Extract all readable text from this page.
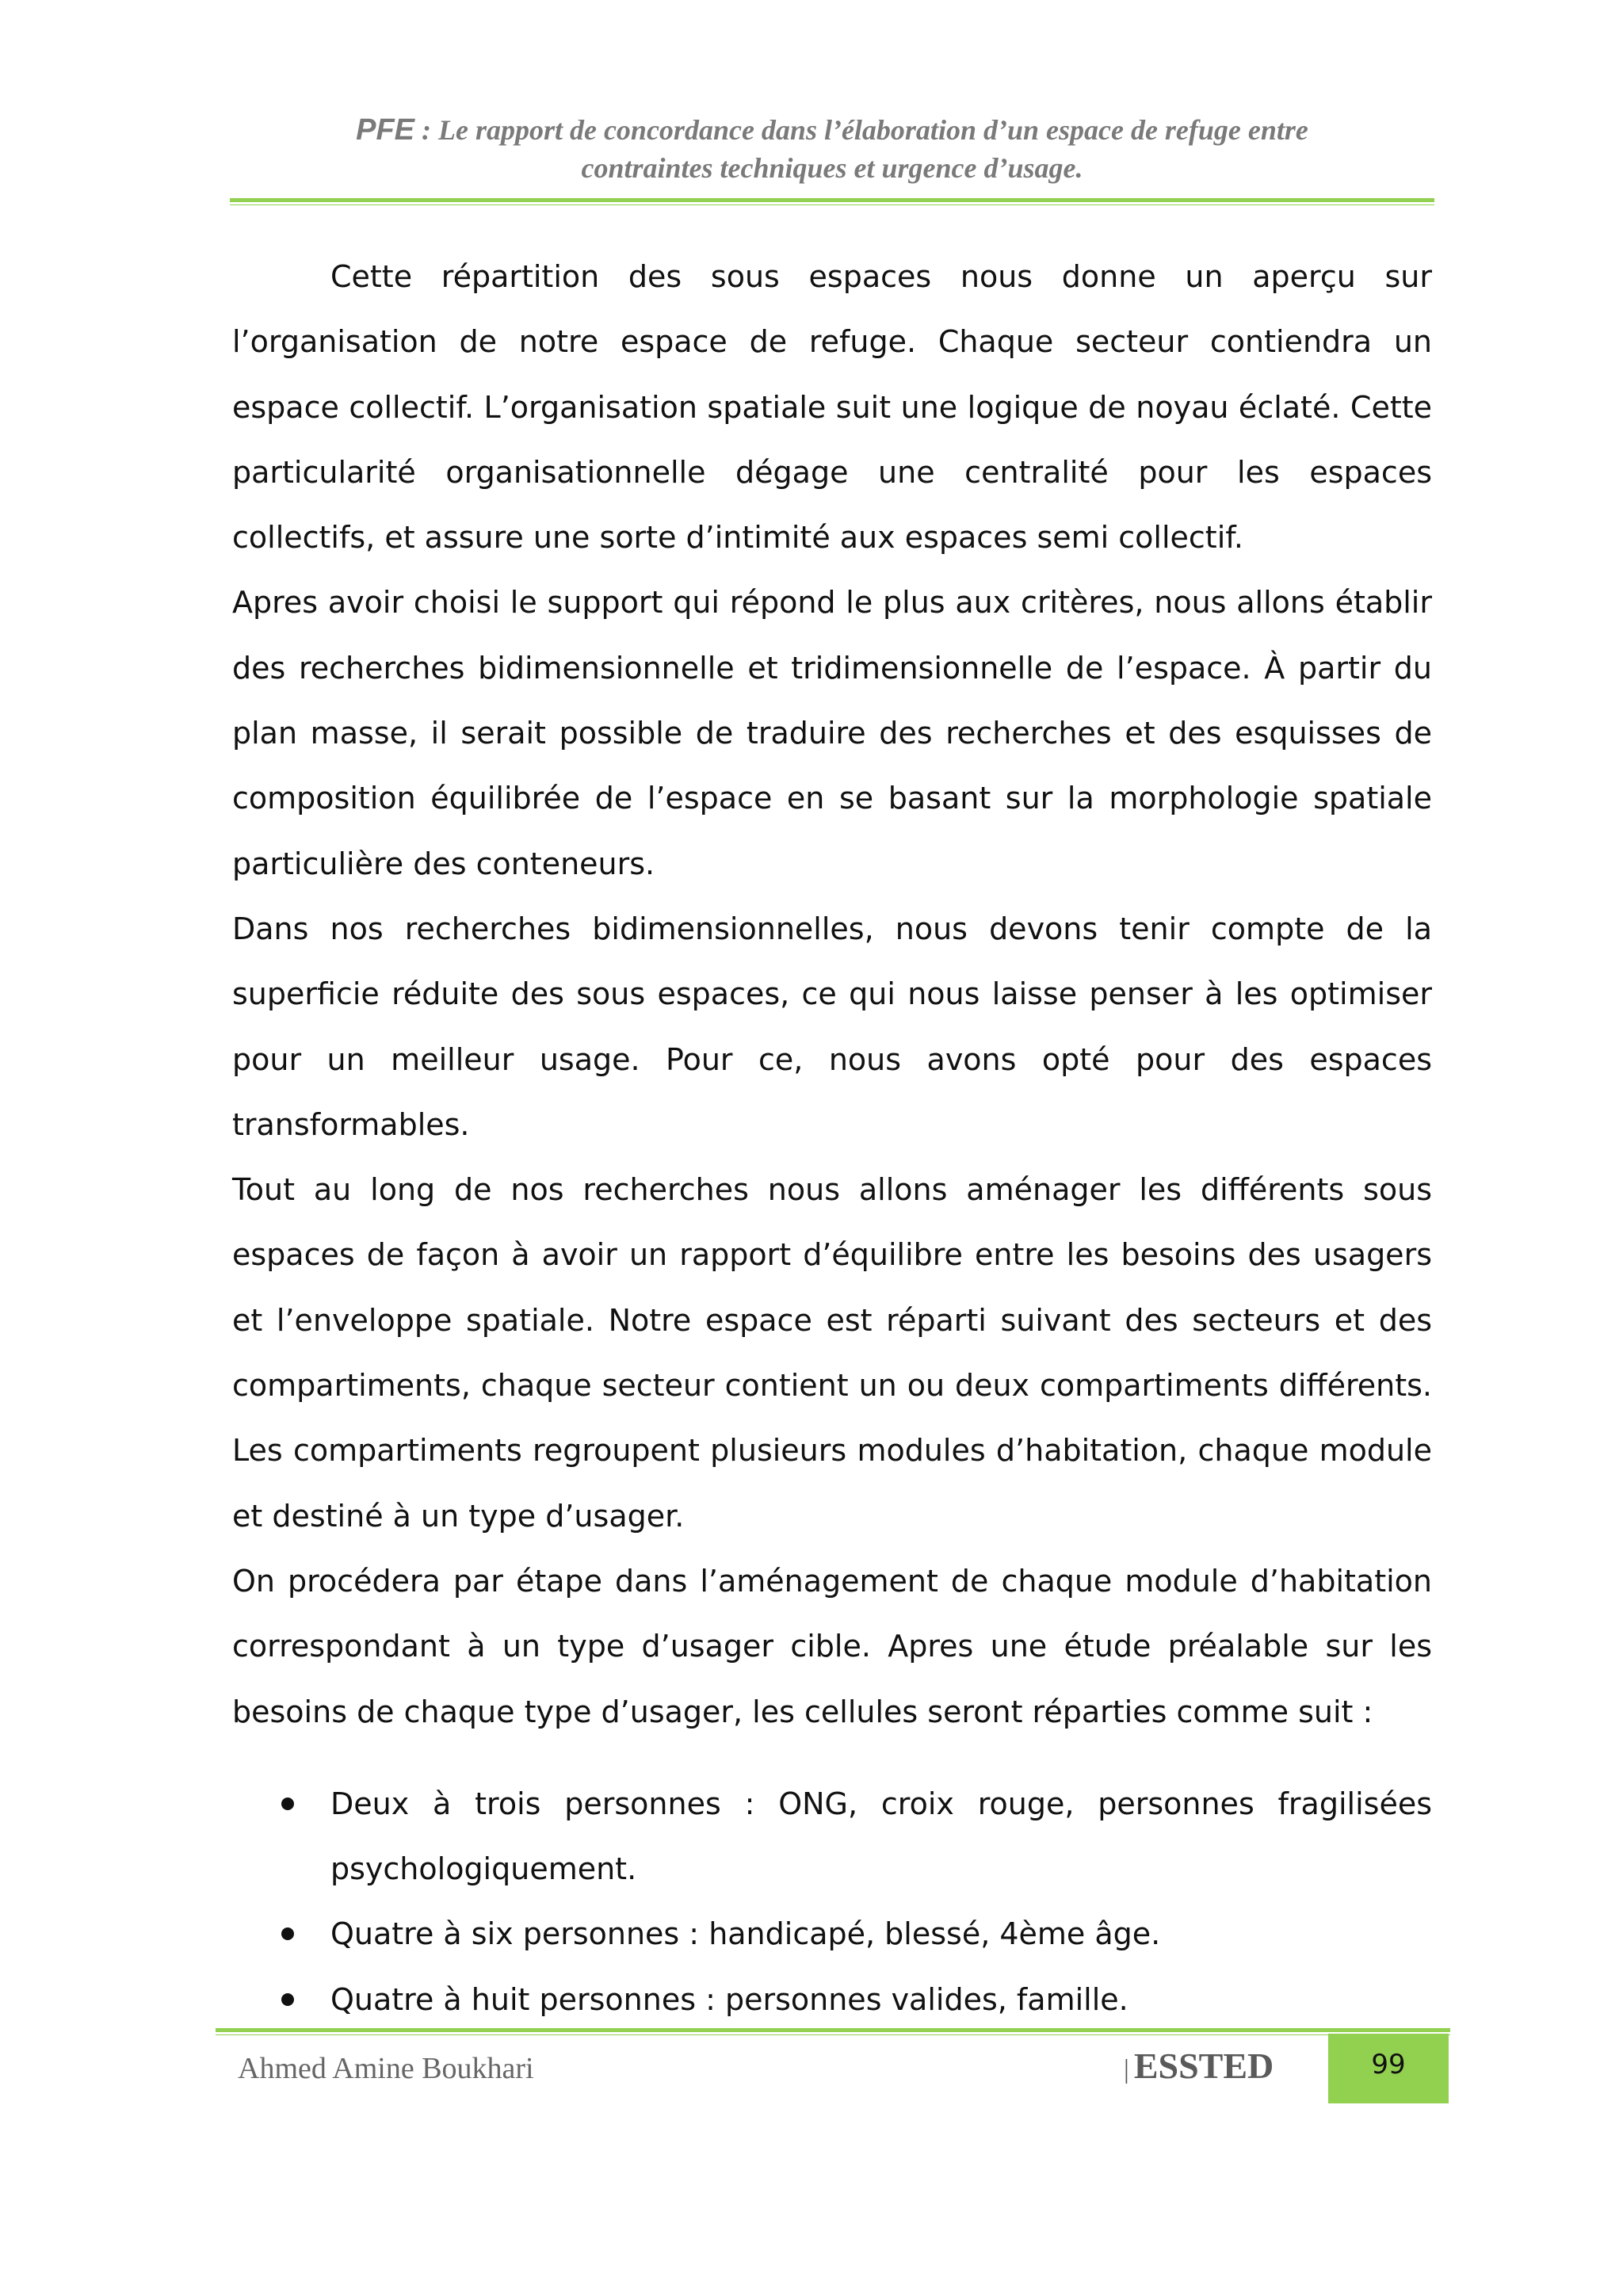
PFE : Le rapport de concordance dans l’élaboration d’un espace de refuge entre
contraintes techniques et urgence d’usage.

Cette répartition des sous espaces nous donne un aperçu sur l’organisation de notre espace de refuge. Chaque secteur contiendra un espace collectif. L’organisation spatiale suit une logique de noyau éclaté. Cette particularité organisationnelle dégage une centralité pour les espaces collectifs, et assure une sorte d’intimité aux espaces semi collectif.

Apres avoir choisi le support qui répond le plus aux critères, nous allons établir des recherches bidimensionnelle et tridimensionnelle de l’espace. À partir du plan masse, il serait possible de traduire des recherches et des esquisses de composition équilibrée de l’espace en se basant sur la morphologie spatiale particulière des conteneurs.

Dans nos recherches bidimensionnelles, nous devons tenir compte de la superficie réduite des sous espaces, ce qui nous laisse penser à les optimiser pour un meilleur usage. Pour ce, nous avons opté pour des espaces transformables.

Tout au long de nos recherches nous allons aménager les différents sous espaces de façon à avoir un rapport d’équilibre entre les besoins des usagers et l’enveloppe spatiale. Notre espace est réparti suivant des secteurs et des compartiments, chaque secteur contient un ou deux compartiments différents. Les compartiments regroupent plusieurs modules d’habitation, chaque module et destiné à un type d’usager.

On procédera par étape dans l’aménagement de chaque module d’habitation correspondant à un type d’usager cible. Apres une étude préalable sur les besoins de chaque type d’usager, les cellules seront réparties comme suit :

Deux à trois personnes : ONG, croix rouge, personnes fragilisées psychologiquement.
Quatre à six personnes : handicapé, blessé, 4ème âge.
Quatre à huit personnes : personnes valides, famille.
Ahmed Amine Boukhari	| ESSTED	99
